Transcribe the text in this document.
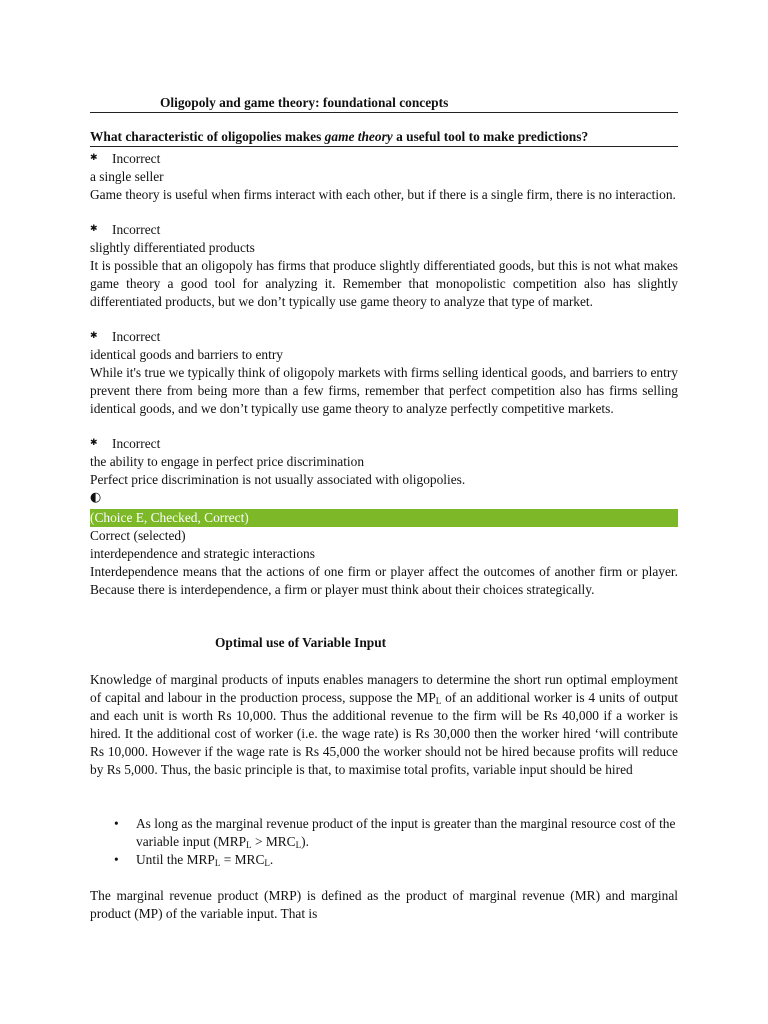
Oligopoly and game theory: foundational concepts
What characteristic of oligopolies makes game theory a useful tool to make predictions?
✱ Incorrect
a single seller
Game theory is useful when firms interact with each other, but if there is a single firm, there is no interaction.
✱ Incorrect
slightly differentiated products
It is possible that an oligopoly has firms that produce slightly differentiated goods, but this is not what makes game theory a good tool for analyzing it. Remember that monopolistic competition also has slightly differentiated products, but we don’t typically use game theory to analyze that type of market.
✱ Incorrect
identical goods and barriers to entry
While it's true we typically think of oligopoly markets with firms selling identical goods, and barriers to entry prevent there from being more than a few firms, remember that perfect competition also has firms selling identical goods, and we don’t typically use game theory to analyze perfectly competitive markets.
✱ Incorrect
the ability to engage in perfect price discrimination
Perfect price discrimination is not usually associated with oligopolies.
◐
(Choice E, Checked, Correct)
Correct (selected)
interdependence and strategic interactions
Interdependence means that the actions of one firm or player affect the outcomes of another firm or player. Because there is interdependence, a firm or player must think about their choices strategically.
Optimal use of Variable Input
Knowledge of marginal products of inputs enables managers to determine the short run optimal employment of capital and labour in the production process, suppose the $MP_L$ of an additional worker is 4 units of output and each unit is worth Rs 10,000. Thus the additional revenue to the firm will be Rs 40,000 if a worker is hired. It the additional cost of worker (i.e. the wage rate) is Rs 30,000 then the worker hired ‘will contribute Rs 10,000. However if the wage rate is Rs 45,000 the worker should not be hired because profits will reduce by Rs 5,000. Thus, the basic principle is that, to maximise total profits, variable input should be hired
• As long as the marginal revenue product of the input is greater than the marginal resource cost of the variable input $(MRP_L > MRC_L)$.
• Until the $MRP_L = MRC_L$.
The marginal revenue product (MRP) is defined as the product of marginal revenue (MR) and marginal product (MP) of the variable input. That is
